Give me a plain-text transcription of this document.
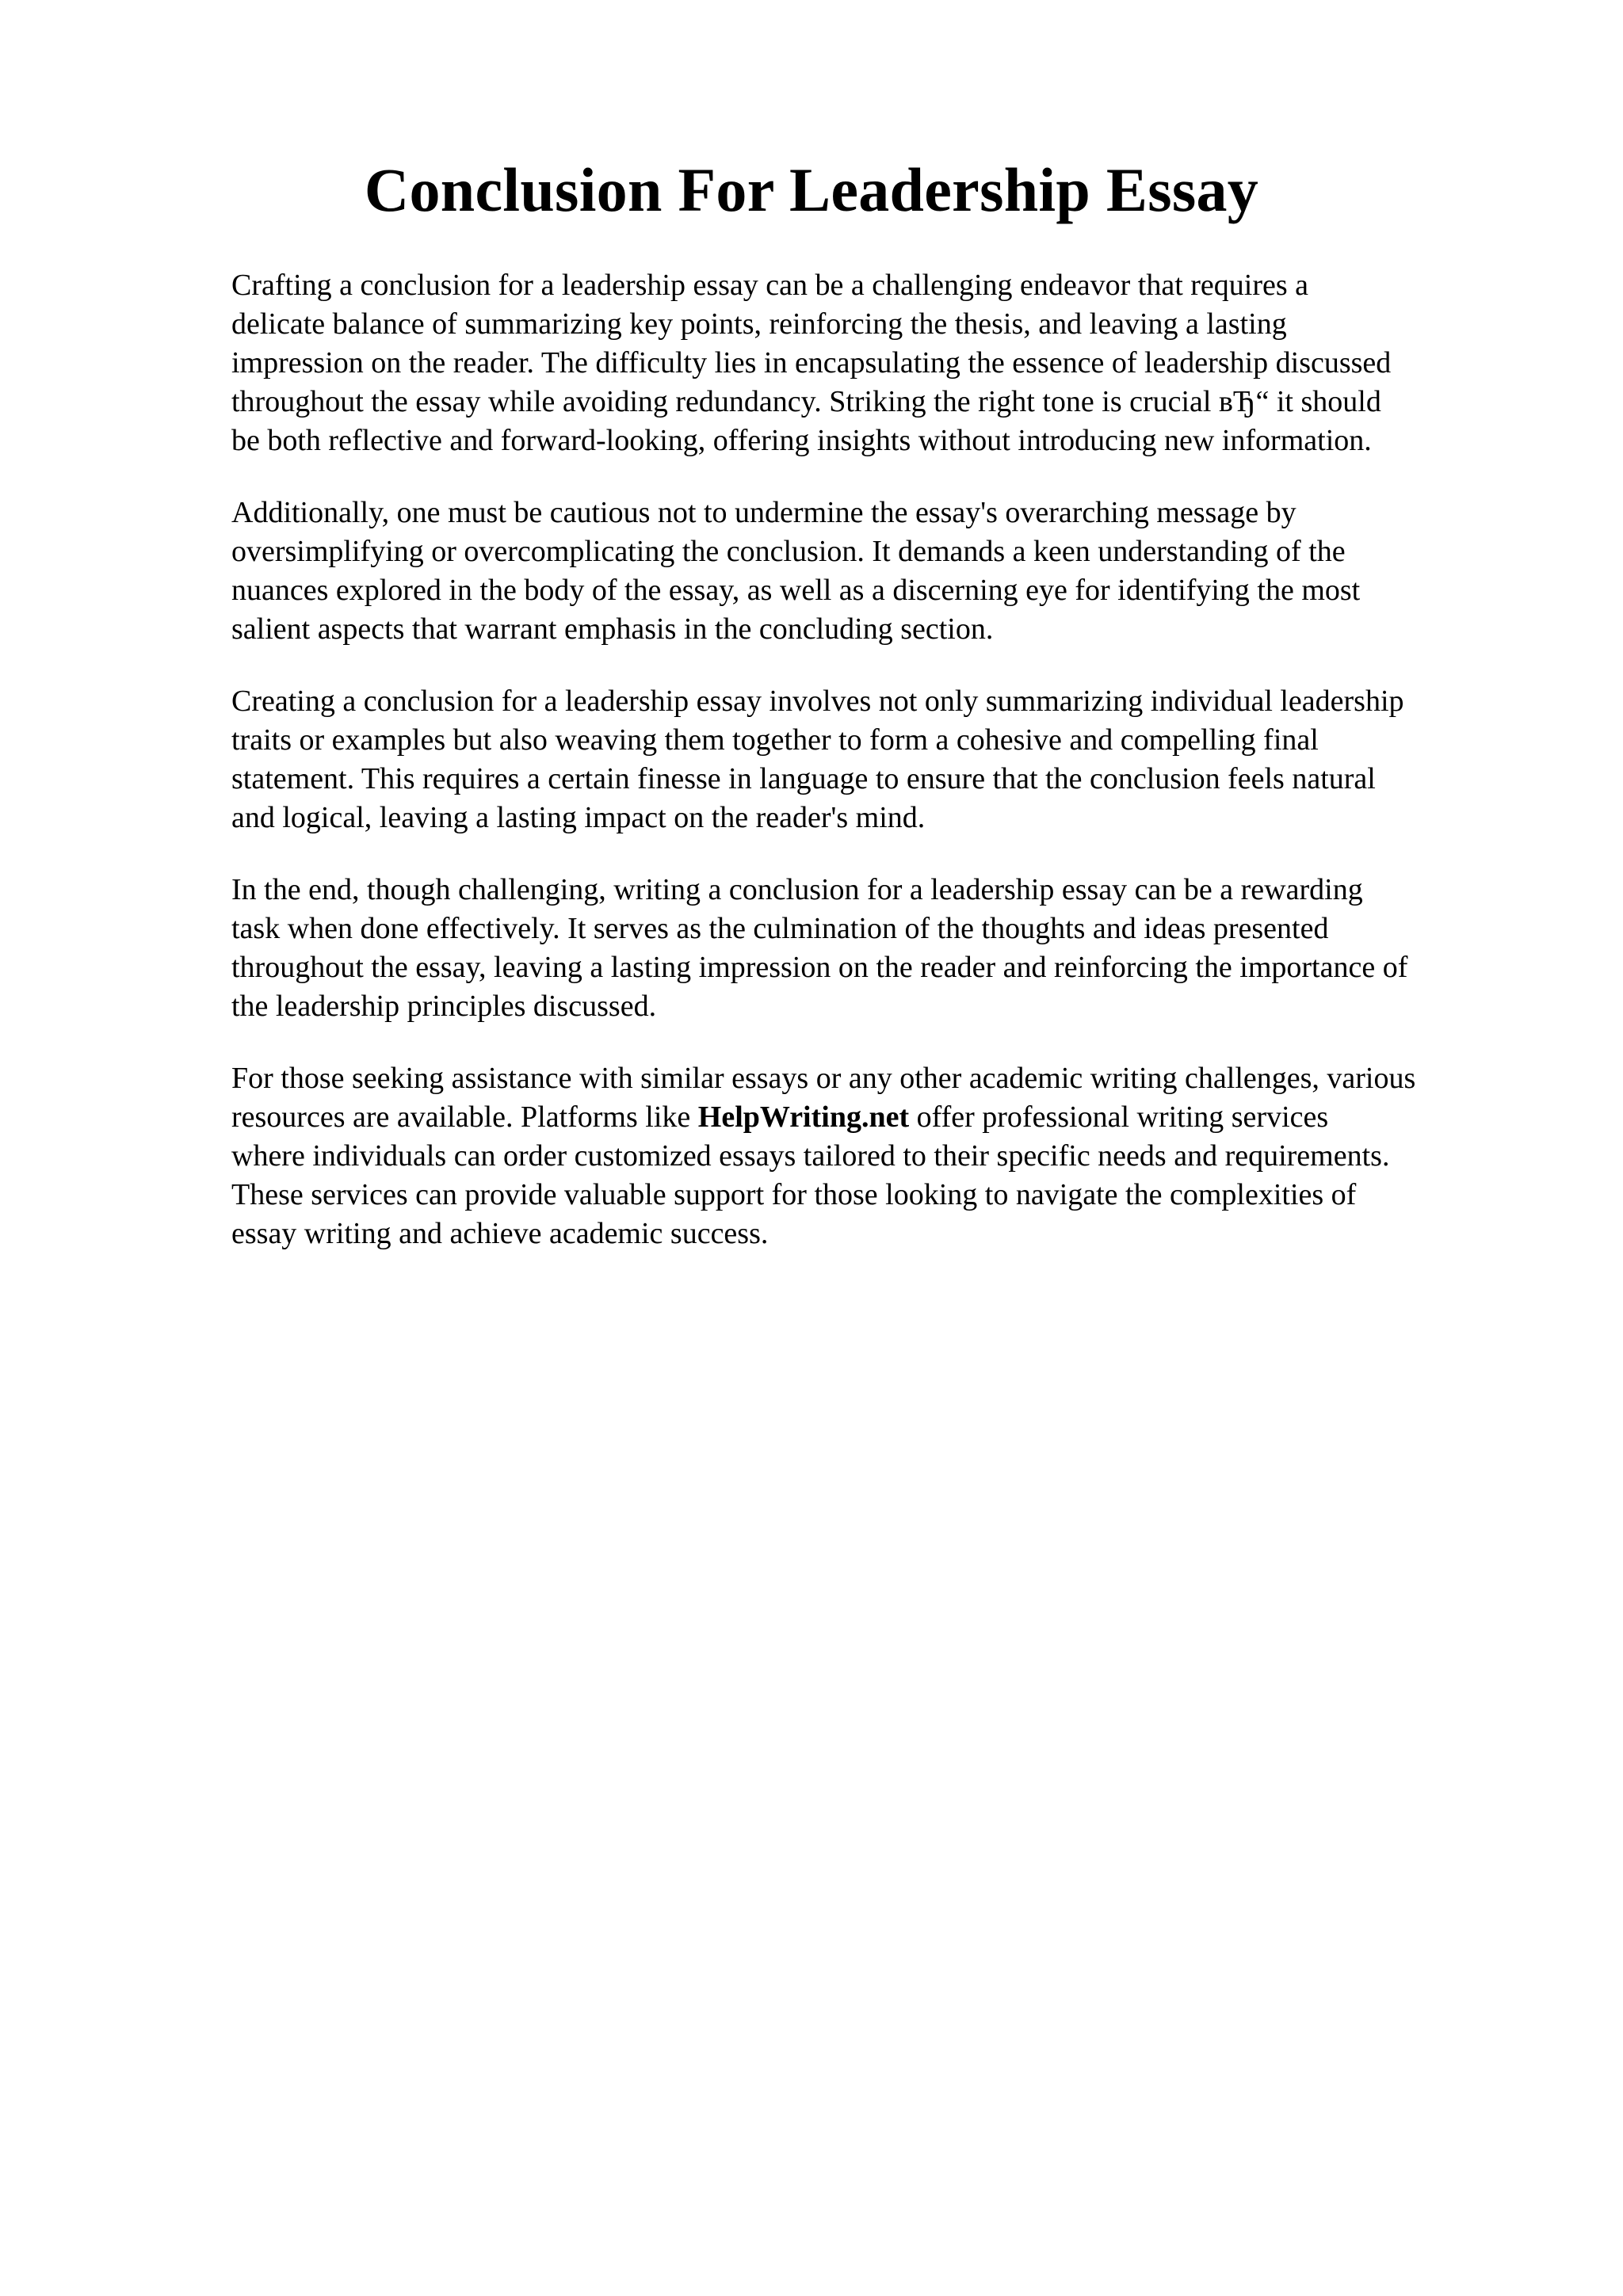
Conclusion For Leadership Essay

Crafting a conclusion for a leadership essay can be a challenging endeavor that requires a
delicate balance of summarizing key points, reinforcing the thesis, and leaving a lasting
impression on the reader. The difficulty lies in encapsulating the essence of leadership discussed
throughout the essay while avoiding redundancy. Striking the right tone is crucial вЂ“ it should
be both reflective and forward-looking, offering insights without introducing new information.

Additionally, one must be cautious not to undermine the essay's overarching message by
oversimplifying or overcomplicating the conclusion. It demands a keen understanding of the
nuances explored in the body of the essay, as well as a discerning eye for identifying the most
salient aspects that warrant emphasis in the concluding section.

Creating a conclusion for a leadership essay involves not only summarizing individual leadership
traits or examples but also weaving them together to form a cohesive and compelling final
statement. This requires a certain finesse in language to ensure that the conclusion feels natural
and logical, leaving a lasting impact on the reader's mind.

In the end, though challenging, writing a conclusion for a leadership essay can be a rewarding
task when done effectively. It serves as the culmination of the thoughts and ideas presented
throughout the essay, leaving a lasting impression on the reader and reinforcing the importance of
the leadership principles discussed.

For those seeking assistance with similar essays or any other academic writing challenges, various
resources are available. Platforms like HelpWriting.net offer professional writing services
where individuals can order customized essays tailored to their specific needs and requirements.
These services can provide valuable support for those looking to navigate the complexities of
essay writing and achieve academic success.
